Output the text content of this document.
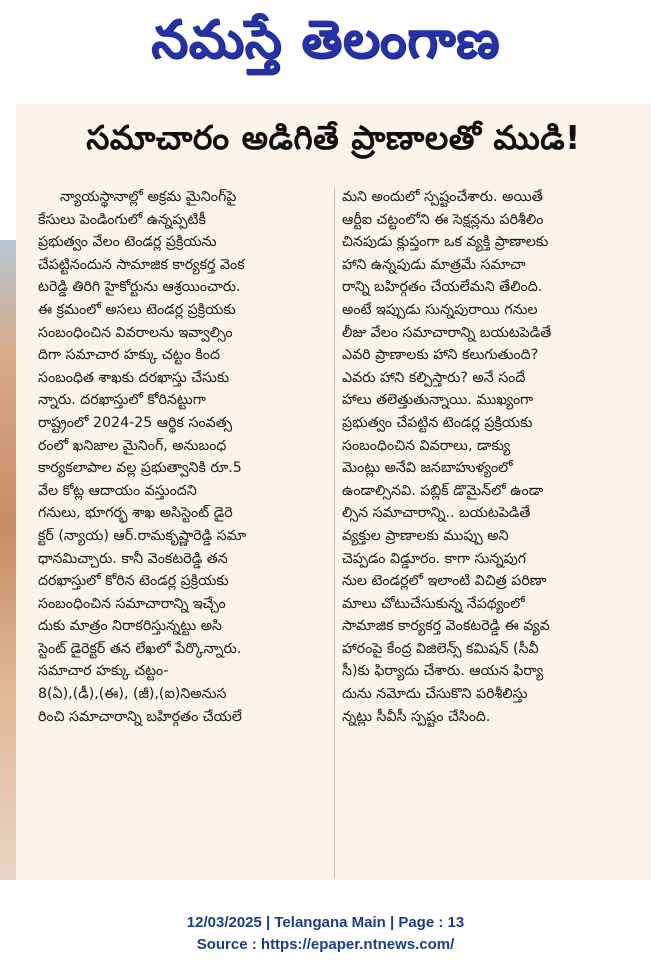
నమస్తే తెలంగాణ
సమాచారం అడిగితే ప్రాణాలతో ముడి!
న్యాయస్థానాల్లో అక్రమ మైనింగ్‌పై
కేసులు పెండింగులో ఉన్నప్పటికీ
ప్రభుత్వం వేలం టెండర్ల ప్రక్రియను
చేపట్టినందున సామాజిక కార్యకర్త వెంక
టరెడ్డి తిరిగి హైకోర్టును ఆశ్రయించారు.
ఈ క్రమంలో అసలు టెండర్ల ప్రక్రియకు
సంబంధించిన వివరాలను ఇవ్వాల్సిం
దిగా సమాచార హక్కు చట్టం కింద
సంబంధిత శాఖకు దరఖాస్తు చేసుకు
న్నారు. దరఖాస్తులో కోరినట్టుగా
రాష్ట్రంలో 2024-25 ఆర్థిక సంవత్స
రంలో ఖనిజాల మైనింగ్, అనుబంధ
కార్యకలాపాల వల్ల ప్రభుత్వానికి రూ.5
వేల కోట్ల ఆదాయం వస్తుందని
గనులు, భూగర్భ శాఖ అసిస్టెంట్ డైరె
క్టర్ (న్యాయ) ఆర్.రామకృష్ణారెడ్డి సమా
ధానమిచ్చారు. కానీ వెంకటరెడ్డి తన
దరఖాస్తులో కోరిన టెండర్ల ప్రక్రియకు
సంబంధించిన సమాచారాన్ని ఇచ్చేం
దుకు మాత్రం నిరాకరిస్తున్నట్టు అసి
స్టెంట్ డైరెక్టర్ తన లేఖలో పేర్కొన్నారు.
సమాచార హక్కు చట్టం-
8(ఏ),(డీ),(ఈ), (జీ),(ఐ)నిఅనుస
రించి సమాచారాన్ని బహిర్గతం చేయలే
మని అందులో స్పష్టంచేశారు. అయితే
ఆర్టీఐ చట్టంలోని ఈ సెక్షన్లను పరిశీలిం
చినపుడు క్లుప్తంగా ఒక వ్యక్తి ప్రాణాలకు
హాని ఉన్నపుడు మాత్రమే సమాచా
రాన్ని బహిర్గతం చేయలేమని తేలింది.
అంటే ఇప్పుడు సున్నపురాయి గనుల
లీజు వేలం సమాచారాన్ని బయటపెడితే
ఎవరి ప్రాణాలకు హాని కలుగుతుంది?
ఎవరు హాని కల్పిస్తారు? అనే సందే
హాలు తలెత్తుతున్నాయి. ముఖ్యంగా
ప్రభుత్వం చేపట్టిన టెండర్ల ప్రక్రియకు
సంబంధించిన వివరాలు, డాక్యు
మెంట్లు అనేవి జనబాహుళ్యంలో
ఉండాల్సినవి. పబ్లిక్ డొమైన్‌లో ఉండా
ల్సిన సమాచారాన్ని.. బయటపెడితే
వ్యక్తుల ప్రాణాలకు ముప్పు అని
చెప్పడం విడ్డూరం. కాగా సున్నపుగ
నుల టెండర్లలో ఇలాంటి విచిత్ర పరిణా
మాలు చోటుచేసుకున్న నేపథ్యంలో
సామాజిక కార్యకర్త వెంకటరెడ్డి ఈ వ్యవ
హారంపై కేంద్ర విజిలెన్స్ కమిషన్ (సీవీ
సీ)కు ఫిర్యాదు చేశారు. ఆయన ఫిర్యా
దును నమోదు చేసుకొని పరిశీలిస్తు
న్నట్లు సీవీసీ స్పష్టం చేసింది.
12/03/2025 | Telangana Main | Page : 13
Source : https://epaper.ntnews.com/
